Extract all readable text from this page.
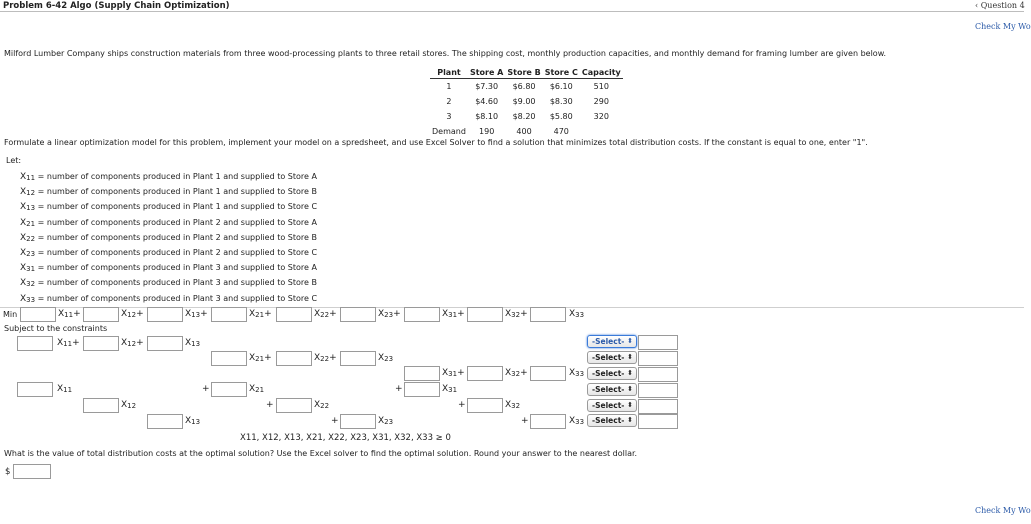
Problem 6-42 Algo (Supply Chain Optimization)	‹ Question 4
Check My Wo
Milford Lumber Company ships construction materials from three wood-processing plants to three retail stores. The shipping cost, monthly production capacities, and monthly demand for framing lumber are given below.
Plant	Store A	Store B	Store C	Capacity
1	$7.30	$6.80	$6.10	510
2	$4.60	$9.00	$8.30	290
3	$8.10	$8.20	$5.80	320
Demand	190	400	470	
Formulate a linear optimization model for this problem, implement your model on a spredsheet, and use Excel Solver to find a solution that minimizes total distribution costs. If the constant is equal to one, enter "1".
Let:
$X_{11}$ = number of components produced in Plant 1 and supplied to Store A
$X_{12}$ = number of components produced in Plant 1 and supplied to Store B
$X_{13}$ = number of components produced in Plant 1 and supplied to Store C
$X_{21}$ = number of components produced in Plant 2 and supplied to Store A
$X_{22}$ = number of components produced in Plant 2 and supplied to Store B
$X_{23}$ = number of components produced in Plant 2 and supplied to Store C
$X_{31}$ = number of components produced in Plant 3 and supplied to Store A
$X_{32}$ = number of components produced in Plant 3 and supplied to Store B
$X_{33}$ = number of components produced in Plant 3 and supplied to Store C
Min	$X_{11}+$	$X_{12}+$	$X_{13}+$	$X_{21}+$	$X_{22}+$	$X_{23}+$	$X_{31}+$	$X_{32}+$	$X_{33}$
Subject to the constraints
$X_{11}+$	$X_{12}+$	$X_{13}$	-Select- ⬍
$X_{21}+$	$X_{22}+$	$X_{23}$	-Select- ⬍
$X_{31}+$	$X_{32}+$	$X_{33}$	-Select- ⬍
$X_{11}$	+	$X_{21}$	+	$X_{31}$	-Select- ⬍
$X_{12}$	+	$X_{22}$	+	$X_{32}$	-Select- ⬍
$X_{13}$	+	$X_{23}$	+	$X_{33}$	-Select- ⬍
X11, X12, X13, X21, X22, X23, X31, X32, X33 ≥ 0
What is the value of total distribution costs at the optimal solution? Use the Excel solver to find the optimal solution. Round your answer to the nearest dollar.
$
Check My Wo
